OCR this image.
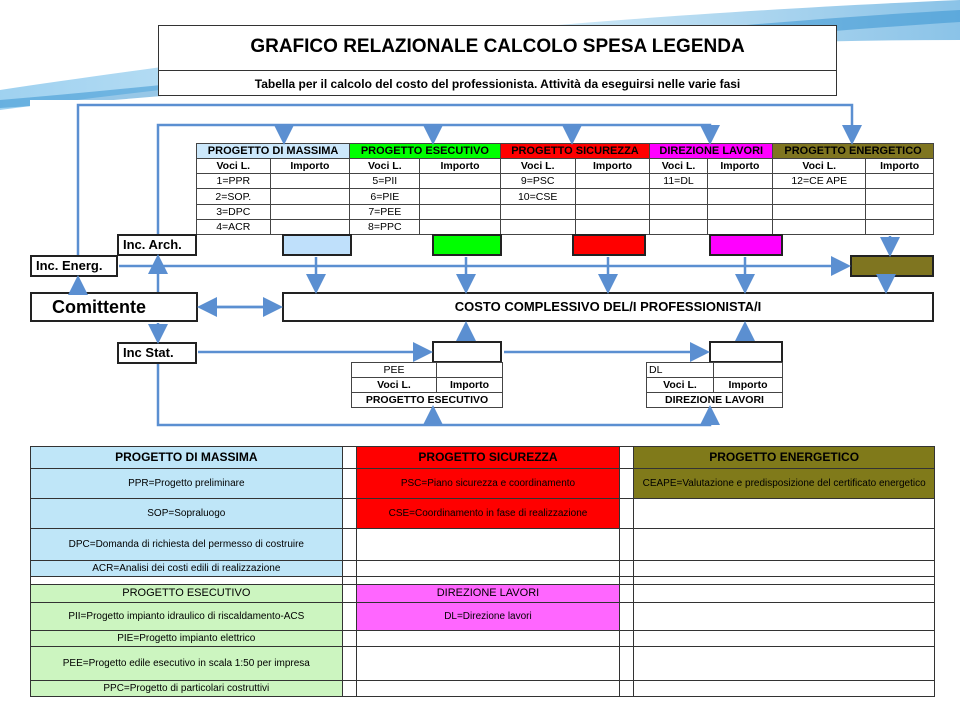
GRAFICO RELAZIONALE CALCOLO SPESA LEGENDA
Tabella per il calcolo del costo del professionista. Attività da eseguirsi nelle varie fasi
PROGETTO DI MASSIMA		PROGETTO ESECUTIVO		PROGETTO SICUREZZA		DIREZIONE LAVORI		PROGETTO ENERGETICO	
Voci L.	Importo	Voci L.	Importo	Voci L.	Importo	Voci L.	Importo	Voci L.	Importo
1=PPR		5=PII		9=PSC		11=DL		12=CE APE	
2=SOP.		6=PIE		10=CSE					
3=DPC		7=PEE							
4=ACR		8=PPC							
Inc. Arch.
Inc. Energ.
Comittente	COSTO COMPLESSIVO DEL/I PROFESSIONISTA/I
Inc Stat.
PEE	
Voci L.	Importo
PROGETTO ESECUTIVO	
DL	
Voci L.	Importo
DIREZIONE LAVORI	
PROGETTO DI MASSIMA		PROGETTO SICUREZZA		PROGETTO ENERGETICO
PPR=Progetto preliminare		PSC=Piano sicurezza e coordinamento		CEAPE=Valutazione e predisposizione del certificato energetico
SOP=Sopraluogo		CSE=Coordinamento in fase di realizzazione		
DPC=Domanda di richiesta del permesso di costruire				
ACR=Analisi dei costi edili di realizzazione				

PROGETTO ESECUTIVO		DIREZIONE LAVORI		
PII=Progetto impianto idraulico di riscaldamento-ACS		DL=Direzione lavori		
PIE=Progetto impianto elettrico				
PEE=Progetto edile esecutivo in scala 1:50 per impresa				
PPC=Progetto di particolari costruttivi				
